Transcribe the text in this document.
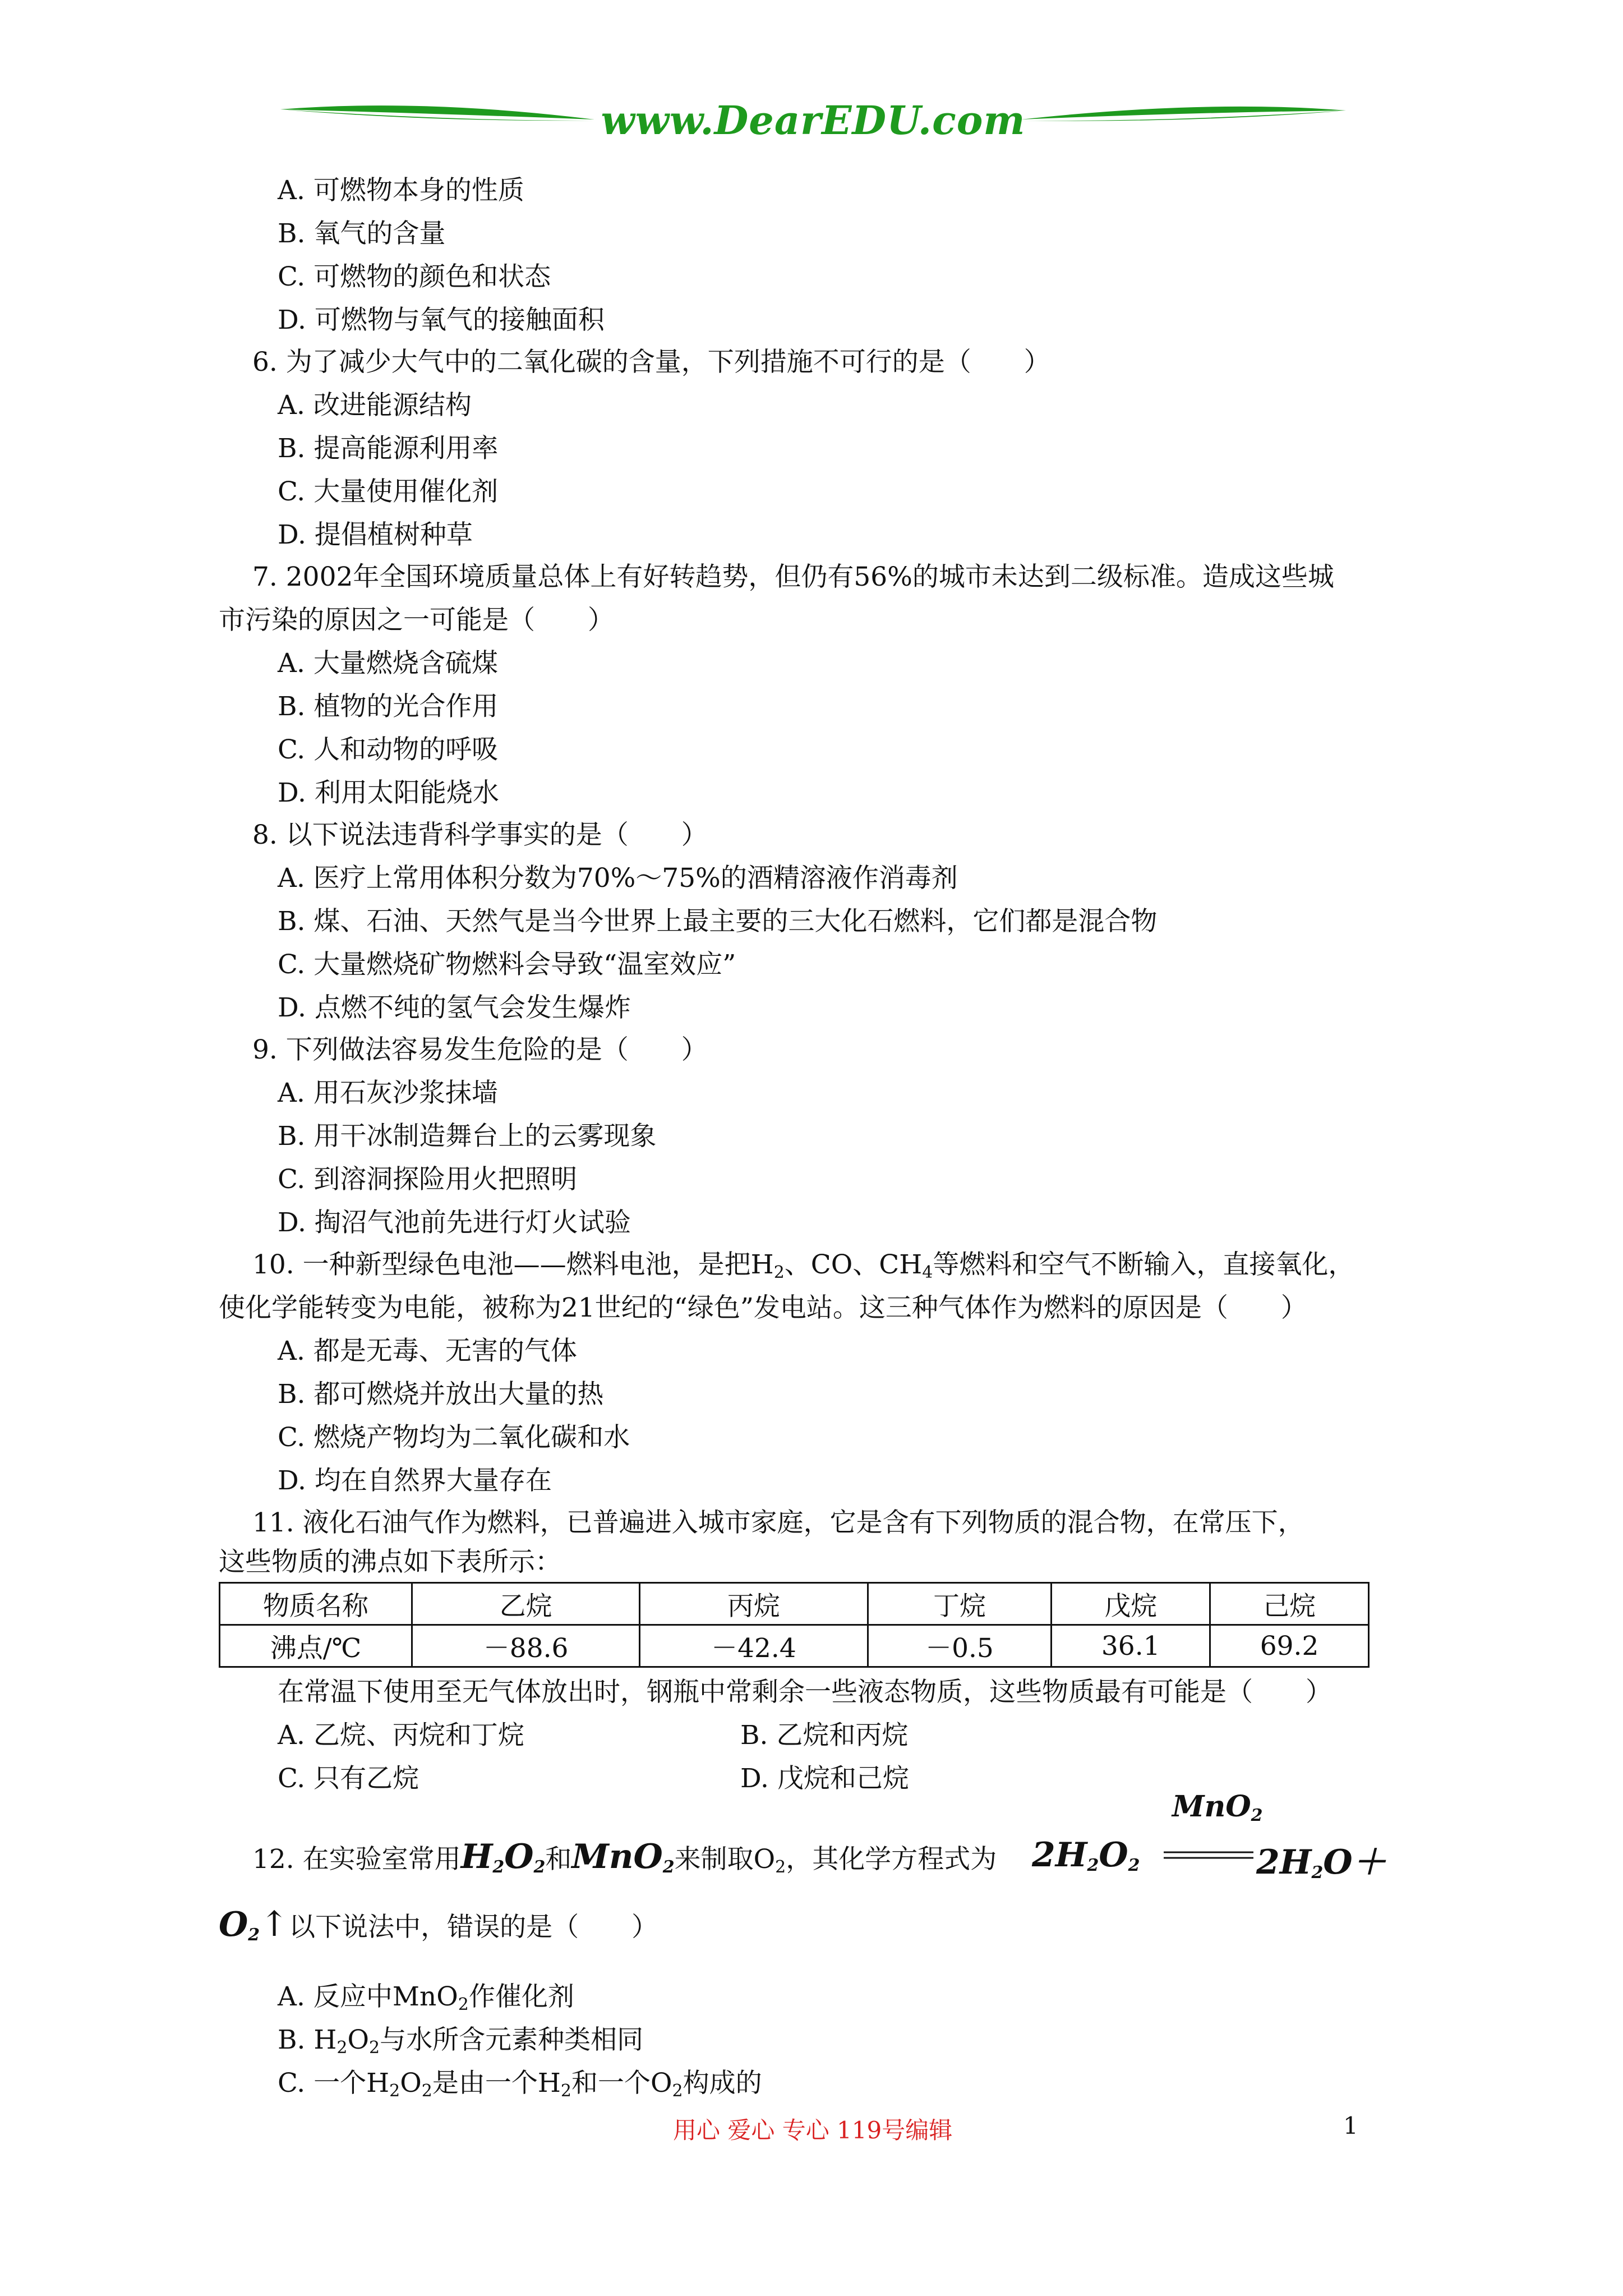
www.DearEDU.com
A. 可燃物本身的性质
B. 氧气的含量
C. 可燃物的颜色和状态
D. 可燃物与氧气的接触面积
6. 为了减少大气中的二氧化碳的含量，下列措施不可行的是（　　）
A. 改进能源结构
B. 提高能源利用率
C. 大量使用催化剂
D. 提倡植树种草
7. 2002年全国环境质量总体上有好转趋势，但仍有56%的城市未达到二级标准。造成这些城
市污染的原因之一可能是（　　）
A. 大量燃烧含硫煤
B. 植物的光合作用
C. 人和动物的呼吸
D. 利用太阳能烧水
8. 以下说法违背科学事实的是（　　）
A. 医疗上常用体积分数为70%～75%的酒精溶液作消毒剂
B. 煤、石油、天然气是当今世界上最主要的三大化石燃料，它们都是混合物
C. 大量燃烧矿物燃料会导致“温室效应”
D. 点燃不纯的氢气会发生爆炸
9. 下列做法容易发生危险的是（　　）
A. 用石灰沙浆抹墙
B. 用干冰制造舞台上的云雾现象
C. 到溶洞探险用火把照明
D. 掏沼气池前先进行灯火试验
10. 一种新型绿色电池——燃料电池，是把$H_2$、CO、$CH_4$等燃料和空气不断输入，直接氧化，
使化学能转变为电能，被称为21世纪的“绿色”发电站。这三种气体作为燃料的原因是（　　）
A. 都是无毒、无害的气体
B. 都可燃烧并放出大量的热
C. 燃烧产物均为二氧化碳和水
D. 均在自然界大量存在
11. 液化石油气作为燃料，已普遍进入城市家庭，它是含有下列物质的混合物，在常压下，
这些物质的沸点如下表所示：
物质名称	乙烷	丙烷	丁烷	戊烷	己烷
沸点/℃	－88.6	－42.4	－0.5	36.1	69.2
在常温下使用至无气体放出时，钢瓶中常剩余一些液态物质，这些物质最有可能是（　　）
A. 乙烷、丙烷和丁烷	B. 乙烷和丙烷
C. 只有乙烷	D. 戊烷和己烷
12. 在实验室常用$H_2O_2$和MnO$_2$来制取$O_2$，其化学方程式为 $2H_2O_2$
MnO$_2$
$2H_2O+$
$O_2↑$以下说法中，错误的是（　　）
A. 反应中MnO$_2$作催化剂
B. $H_2O_2$与水所含元素种类相同
C. 一个$H_2O_2$是由一个$H_2$和一个$O_2$构成的
用心 爱心 专心 119号编辑	1
